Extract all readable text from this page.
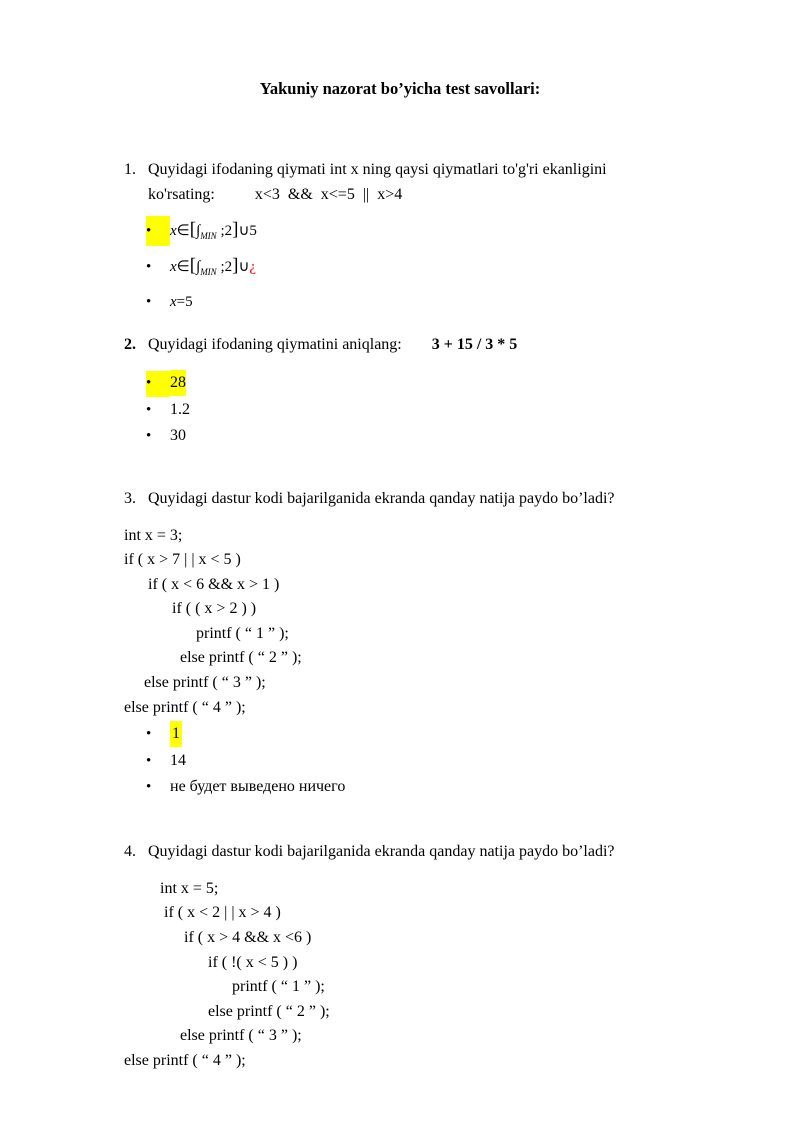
Yakuniy nazorat bo’yicha test savollari:
1. Quyidagi ifodaning qiymati int x ning qaysi qiymatlari to'g'ri ekanligini
ko'rsating:	x<3  &&  x<=5  ||  x>4
•	$x\in[\int_{MIN}$ ;2]∪5
•	$x\in[\int_{MIN}$ ;2]∪¿
•	x=5
2. Quyidagi ifodaning qiymatini aniqlang: 3 + 15 / 3 * 5
•	28
•	1.2
•	30
3. Quyidagi dastur kodi bajarilganida ekranda qanday natija paydo bo’ladi?
int x = 3;
if ( x > 7 | | x < 5 )
if ( x < 6 && x > 1 )
if ( ( x > 2 ) )
printf ( “ 1 ” );
else printf ( “ 2 ” );
else printf ( “ 3 ” );
else printf ( “ 4 ” );
•	1
•	14
•	не будет выведено ничего
4. Quyidagi dastur kodi bajarilganida ekranda qanday natija paydo bo’ladi?
int x = 5;
if ( x < 2 | | x > 4 )
if ( x > 4 && x <6 )
if ( !( x < 5 ) )
printf ( “ 1 ” );
else printf ( “ 2 ” );
else printf ( “ 3 ” );
else printf ( “ 4 ” );
